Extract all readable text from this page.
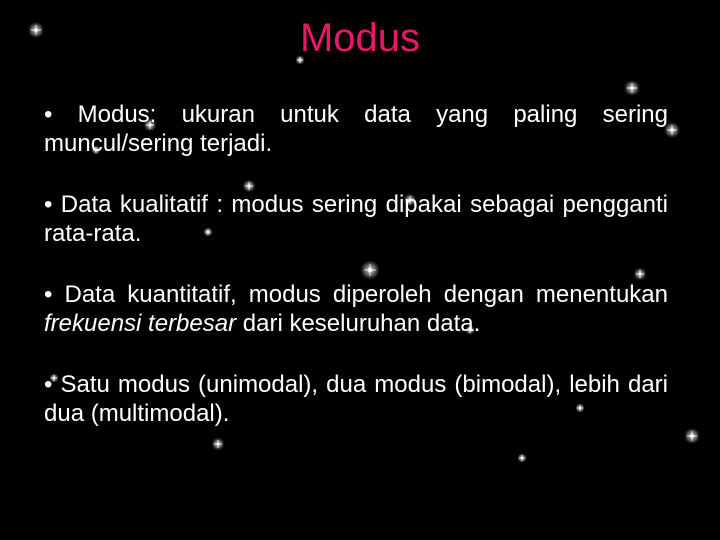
Modus
• Modus: ukuran untuk data yang paling sering muncul/sering terjadi.
• Data kualitatif : modus sering dipakai sebagai pengganti rata-rata.
• Data kuantitatif, modus diperoleh dengan menentukan frekuensi terbesar dari keseluruhan data.
• Satu modus (unimodal), dua modus (bimodal), lebih dari dua (multimodal).
